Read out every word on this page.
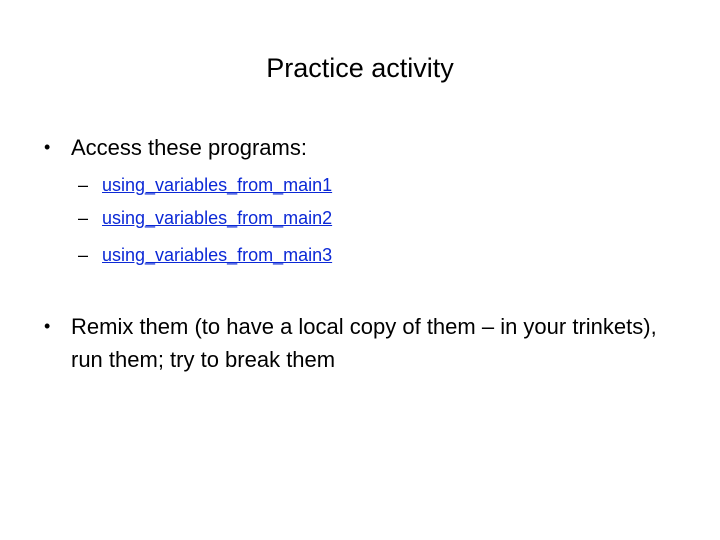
Practice activity
• Access these programs:
– using_variables_from_main1
– using_variables_from_main2
– using_variables_from_main3
• Remix them (to have a local copy of them – in your trinkets), run them; try to break them
